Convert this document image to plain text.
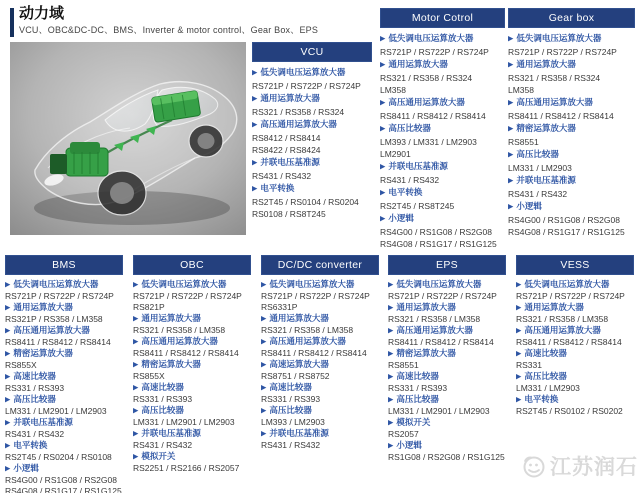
动力域
VCU、OBC&DC-DC、BMS、Inverter & motor control、Gear Box、EPS
VCU
▶ 低失调电压运算放大器
RS721P / RS722P / RS724P
▶ 通用运算放大器
RS321 / RS358 / RS324
▶ 高压通用运算放大器
RS8412 / RS8414
RS8422 / RS8424
▶ 并联电压基准源
RS431 / RS432
▶ 电平转换
RS2T45 / RS0104 / RS0204
RS0108 / RS8T245
Motor Cotrol
▶ 低失调电压运算放大器
RS721P / RS722P / RS724P
▶ 通用运算放大器
RS321 / RS358 / RS324
LM358
▶ 高压通用运算放大器
RS8411 / RS8412 / RS8414
▶ 高压比较器
LM393 / LM331 / LM2903
LM2901
▶ 并联电压基准源
RS431 / RS432
▶ 电平转换
RS2T45 / RS8T245
▶ 小逻辑
RS4G00 / RS1G08 / RS2G08
RS4G08 / RS1G17 / RS1G125
Gear box
▶ 低失调电压运算放大器
RS721P / RS722P / RS724P
▶ 通用运算放大器
RS321 / RS358 / RS324
LM358
▶ 高压通用运算放大器
RS8411 / RS8412 / RS8414
▶ 精密运算放大器
RS8551
▶ 高压比较器
LM331 / LM2903
▶ 并联电压基准源
RS431 / RS432
▶ 小逻辑
RS4G00 / RS1G08 / RS2G08
RS4G08 / RS1G17 / RS1G125
BMS
▶ 低失调电压运算放大器
RS721P / RS722P / RS724P
▶ 通用运算放大器
RS321P / RS358 / LM358
▶ 高压通用运算放大器
RS8411 / RS8412 / RS8414
▶ 精密运算放大器
RS855X
▶ 高速比较器
RS331 / RS393
▶ 高压比较器
LM331 / LM2901 / LM2903
▶ 并联电压基准源
RS431 / RS432
▶ 电平转换
RS2T45 / RS0204 / RS0108
▶ 小逻辑
RS4G00 / RS1G08 / RS2G08
RS4G08 / RS1G17 / RS1G125
OBC
▶ 低失调电压运算放大器
RS721P / RS722P / RS724P
RS821P
▶ 通用运算放大器
RS321 / RS358 / LM358
▶ 高压通用运算放大器
RS8411 / RS8412 / RS8414
▶ 精密运算放大器
RS855X
▶ 高速比较器
RS331 / RS393
▶ 高压比较器
LM331 / LM2901 / LM2903
▶ 并联电压基准源
RS431 / RS432
▶ 模拟开关
RS2251 / RS2166 / RS2057
DC/DC converter
▶ 低失调电压运算放大器
RS721P / RS722P / RS724P
RS6331P
▶ 通用运算放大器
RS321 / RS358 / LM358
▶ 高压通用运算放大器
RS8411 / RS8412 / RS8414
▶ 高速运算放大器
RS8751 / RS8752
▶ 高速比较器
RS331 / RS393
▶ 高压比较器
LM393 / LM2903
▶ 并联电压基准源
RS431 / RS432
EPS
▶ 低失调电压运算放大器
RS721P / RS722P / RS724P
▶ 通用运算放大器
RS321 / RS358 / LM358
▶ 高压通用运算放大器
RS8411 / RS8412 / RS8414
▶ 精密运算放大器
RS8551
▶ 高速比较器
RS331 / RS393
▶ 高压比较器
LM331 / LM2901 / LM2903
▶ 模拟开关
RS2057
▶ 小逻辑
RS1G08 / RS2G08 / RS1G125
VESS
▶ 低失调电压运算放大器
RS721P / RS722P / RS724P
▶ 通用运算放大器
RS321 / RS358 / LM358
▶ 高压通用运算放大器
RS8411 / RS8412 / RS8414
▶ 高速比较器
RS331
▶ 高压比较器
LM331 / LM2903
▶ 电平转换
RS2T45 / RS0102 / RS0202
江苏润石
